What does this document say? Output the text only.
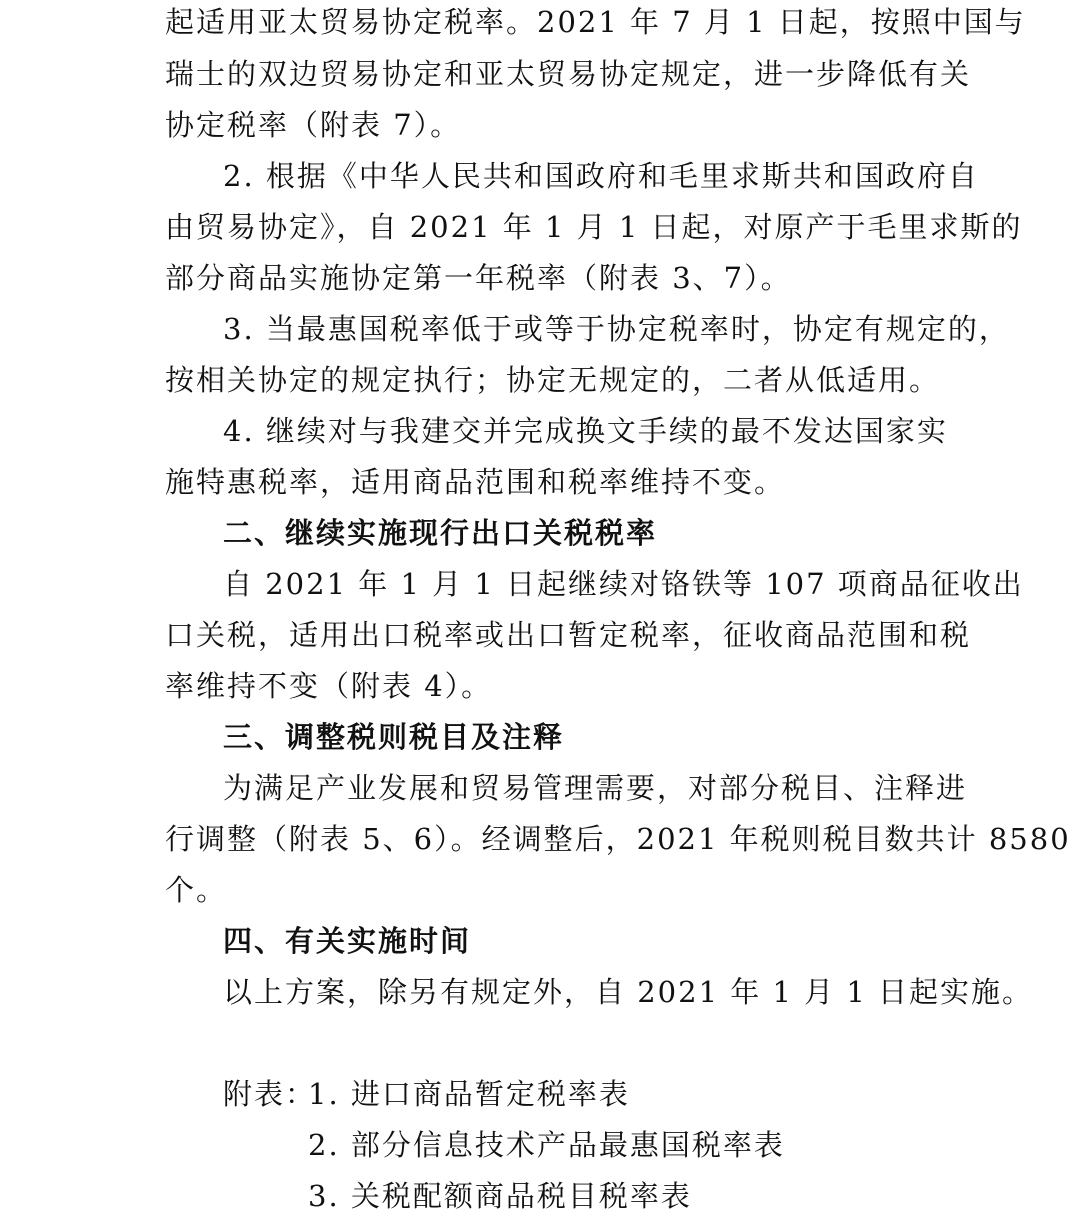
起适用亚太贸易协定税率。2021 年 7 月 1 日起，按照中国与
瑞士的双边贸易协定和亚太贸易协定规定，进一步降低有关
协定税率（附表 7）。
2. 根据《中华人民共和国政府和毛里求斯共和国政府自
由贸易协定》，自 2021 年 1 月 1 日起，对原产于毛里求斯的
部分商品实施协定第一年税率（附表 3、7）。
3. 当最惠国税率低于或等于协定税率时，协定有规定的，
按相关协定的规定执行；协定无规定的，二者从低适用。
4. 继续对与我建交并完成换文手续的最不发达国家实
施特惠税率，适用商品范围和税率维持不变。
二、继续实施现行出口关税税率
自 2021 年 1 月 1 日起继续对铬铁等 107 项商品征收出
口关税，适用出口税率或出口暂定税率，征收商品范围和税
率维持不变（附表 4）。
三、调整税则税目及注释
为满足产业发展和贸易管理需要，对部分税目、注释进
行调整（附表 5、6）。经调整后，2021 年税则税目数共计 8580
个。
四、有关实施时间
以上方案，除另有规定外，自 2021 年 1 月 1 日起实施。
附表：
1. 进口商品暂定税率表
2. 部分信息技术产品最惠国税率表
3. 关税配额商品税目税率表
